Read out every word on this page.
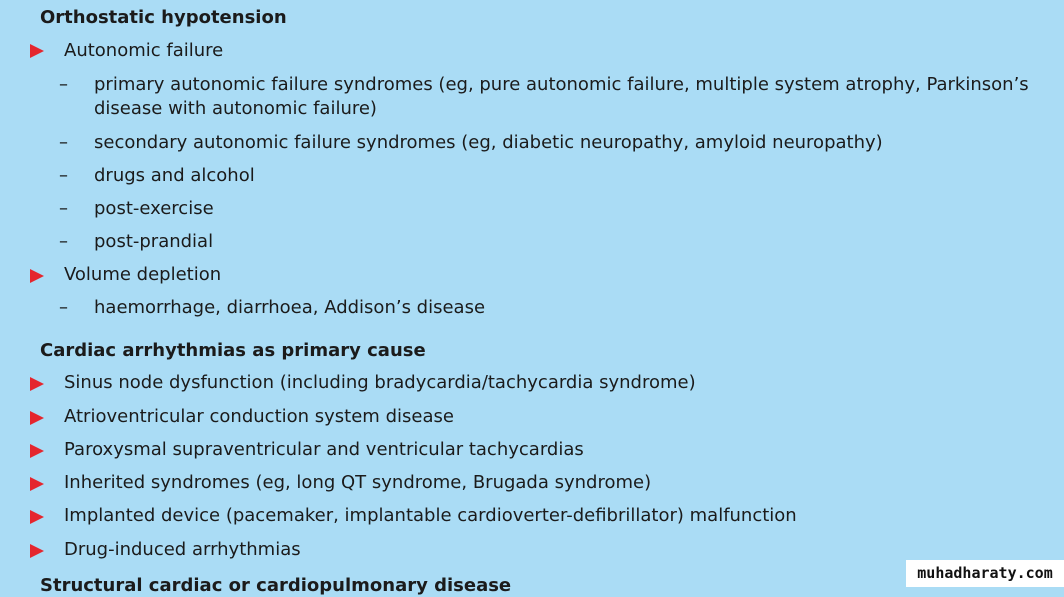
Orthostatic hypotension
Autonomic failure
– primary autonomic failure syndromes (eg, pure autonomic failure, multiple system atrophy, Parkinson’s disease with autonomic failure)
– secondary autonomic failure syndromes (eg, diabetic neuropathy, amyloid neuropathy)
– drugs and alcohol
– post-exercise
– post-prandial
Volume depletion
– haemorrhage, diarrhoea, Addison’s disease
Cardiac arrhythmias as primary cause
Sinus node dysfunction (including bradycardia/tachycardia syndrome)
Atrioventricular conduction system disease
Paroxysmal supraventricular and ventricular tachycardias
Inherited syndromes (eg, long QT syndrome, Brugada syndrome)
Implanted device (pacemaker, implantable cardioverter-defibrillator) malfunction
Drug-induced arrhythmias
Structural cardiac or cardiopulmonary disease
muhadharaty.com
